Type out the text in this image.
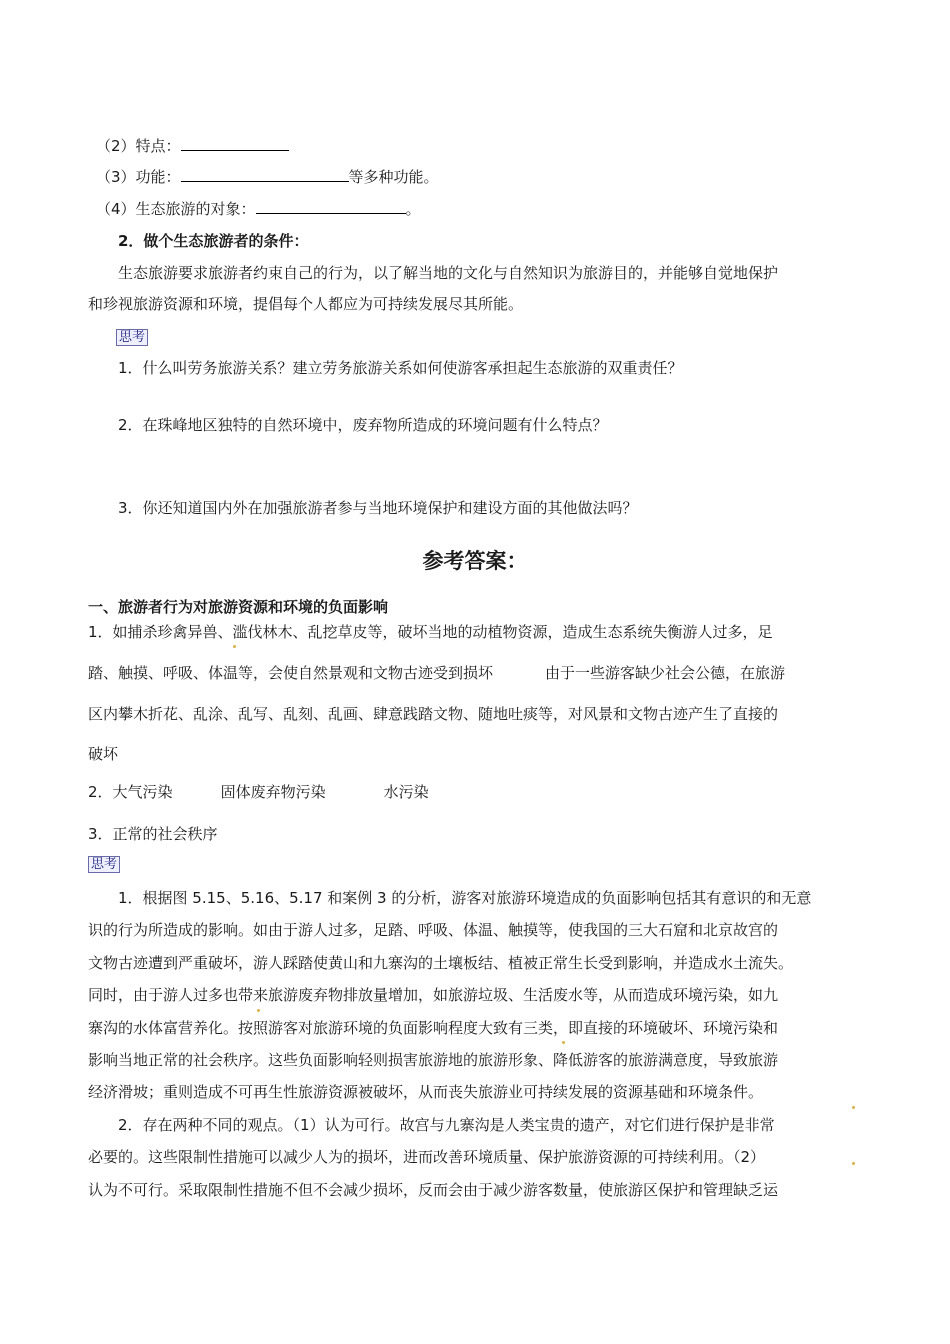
（2）特点：
（3）功能：	等多种功能。
（4）生态旅游的对象：	。
2．做个生态旅游者的条件：
生态旅游要求旅游者约束自己的行为，以了解当地的文化与自然知识为旅游目的，并能够自觉地保护
和珍视旅游资源和环境，提倡每个人都应为可持续发展尽其所能。
思考
1．什么叫劳务旅游关系？建立劳务旅游关系如何使游客承担起生态旅游的双重责任？
2．在珠峰地区独特的自然环境中，废弃物所造成的环境问题有什么特点？
3．你还知道国内外在加强旅游者参与当地环境保护和建设方面的其他做法吗？
参考答案：
一、旅游者行为对旅游资源和环境的负面影响
1．如捕杀珍禽异兽、滥伐林木、乱挖草皮等，破坏当地的动植物资源，造成生态系统失衡游人过多，足
踏、触摸、呼吸、体温等，会使自然景观和文物古迹受到损坏	由于一些游客缺少社会公德，在旅游
区内攀木折花、乱涂、乱写、乱刻、乱画、肆意践踏文物、随地吐痰等，对风景和文物古迹产生了直接的
破坏
2．大气污染	固体废弃物污染	水污染
3．正常的社会秩序
思考
1．根据图 5.15、5.16、5.17 和案例 3 的分析，游客对旅游环境造成的负面影响包括其有意识的和无意
识的行为所造成的影响。如由于游人过多，足踏、呼吸、体温、触摸等，使我国的三大石窟和北京故宫的
文物古迹遭到严重破坏，游人踩踏使黄山和九寨沟的土壤板结、植被正常生长受到影响，并造成水土流失。
同时，由于游人过多也带来旅游废弃物排放量增加，如旅游垃圾、生活废水等，从而造成环境污染，如九
寨沟的水体富营养化。按照游客对旅游环境的负面影响程度大致有三类，即直接的环境破坏、环境污染和
影响当地正常的社会秩序。这些负面影响轻则损害旅游地的旅游形象、降低游客的旅游满意度，导致旅游
经济滑坡；重则造成不可再生性旅游资源被破坏，从而丧失旅游业可持续发展的资源基础和环境条件。
2．存在两种不同的观点。（1）认为可行。故宫与九寨沟是人类宝贵的遗产，对它们进行保护是非常
必要的。这些限制性措施可以减少人为的损坏，进而改善环境质量、保护旅游资源的可持续利用。（2）
认为不可行。采取限制性措施不但不会减少损坏，反而会由于减少游客数量，使旅游区保护和管理缺乏运
